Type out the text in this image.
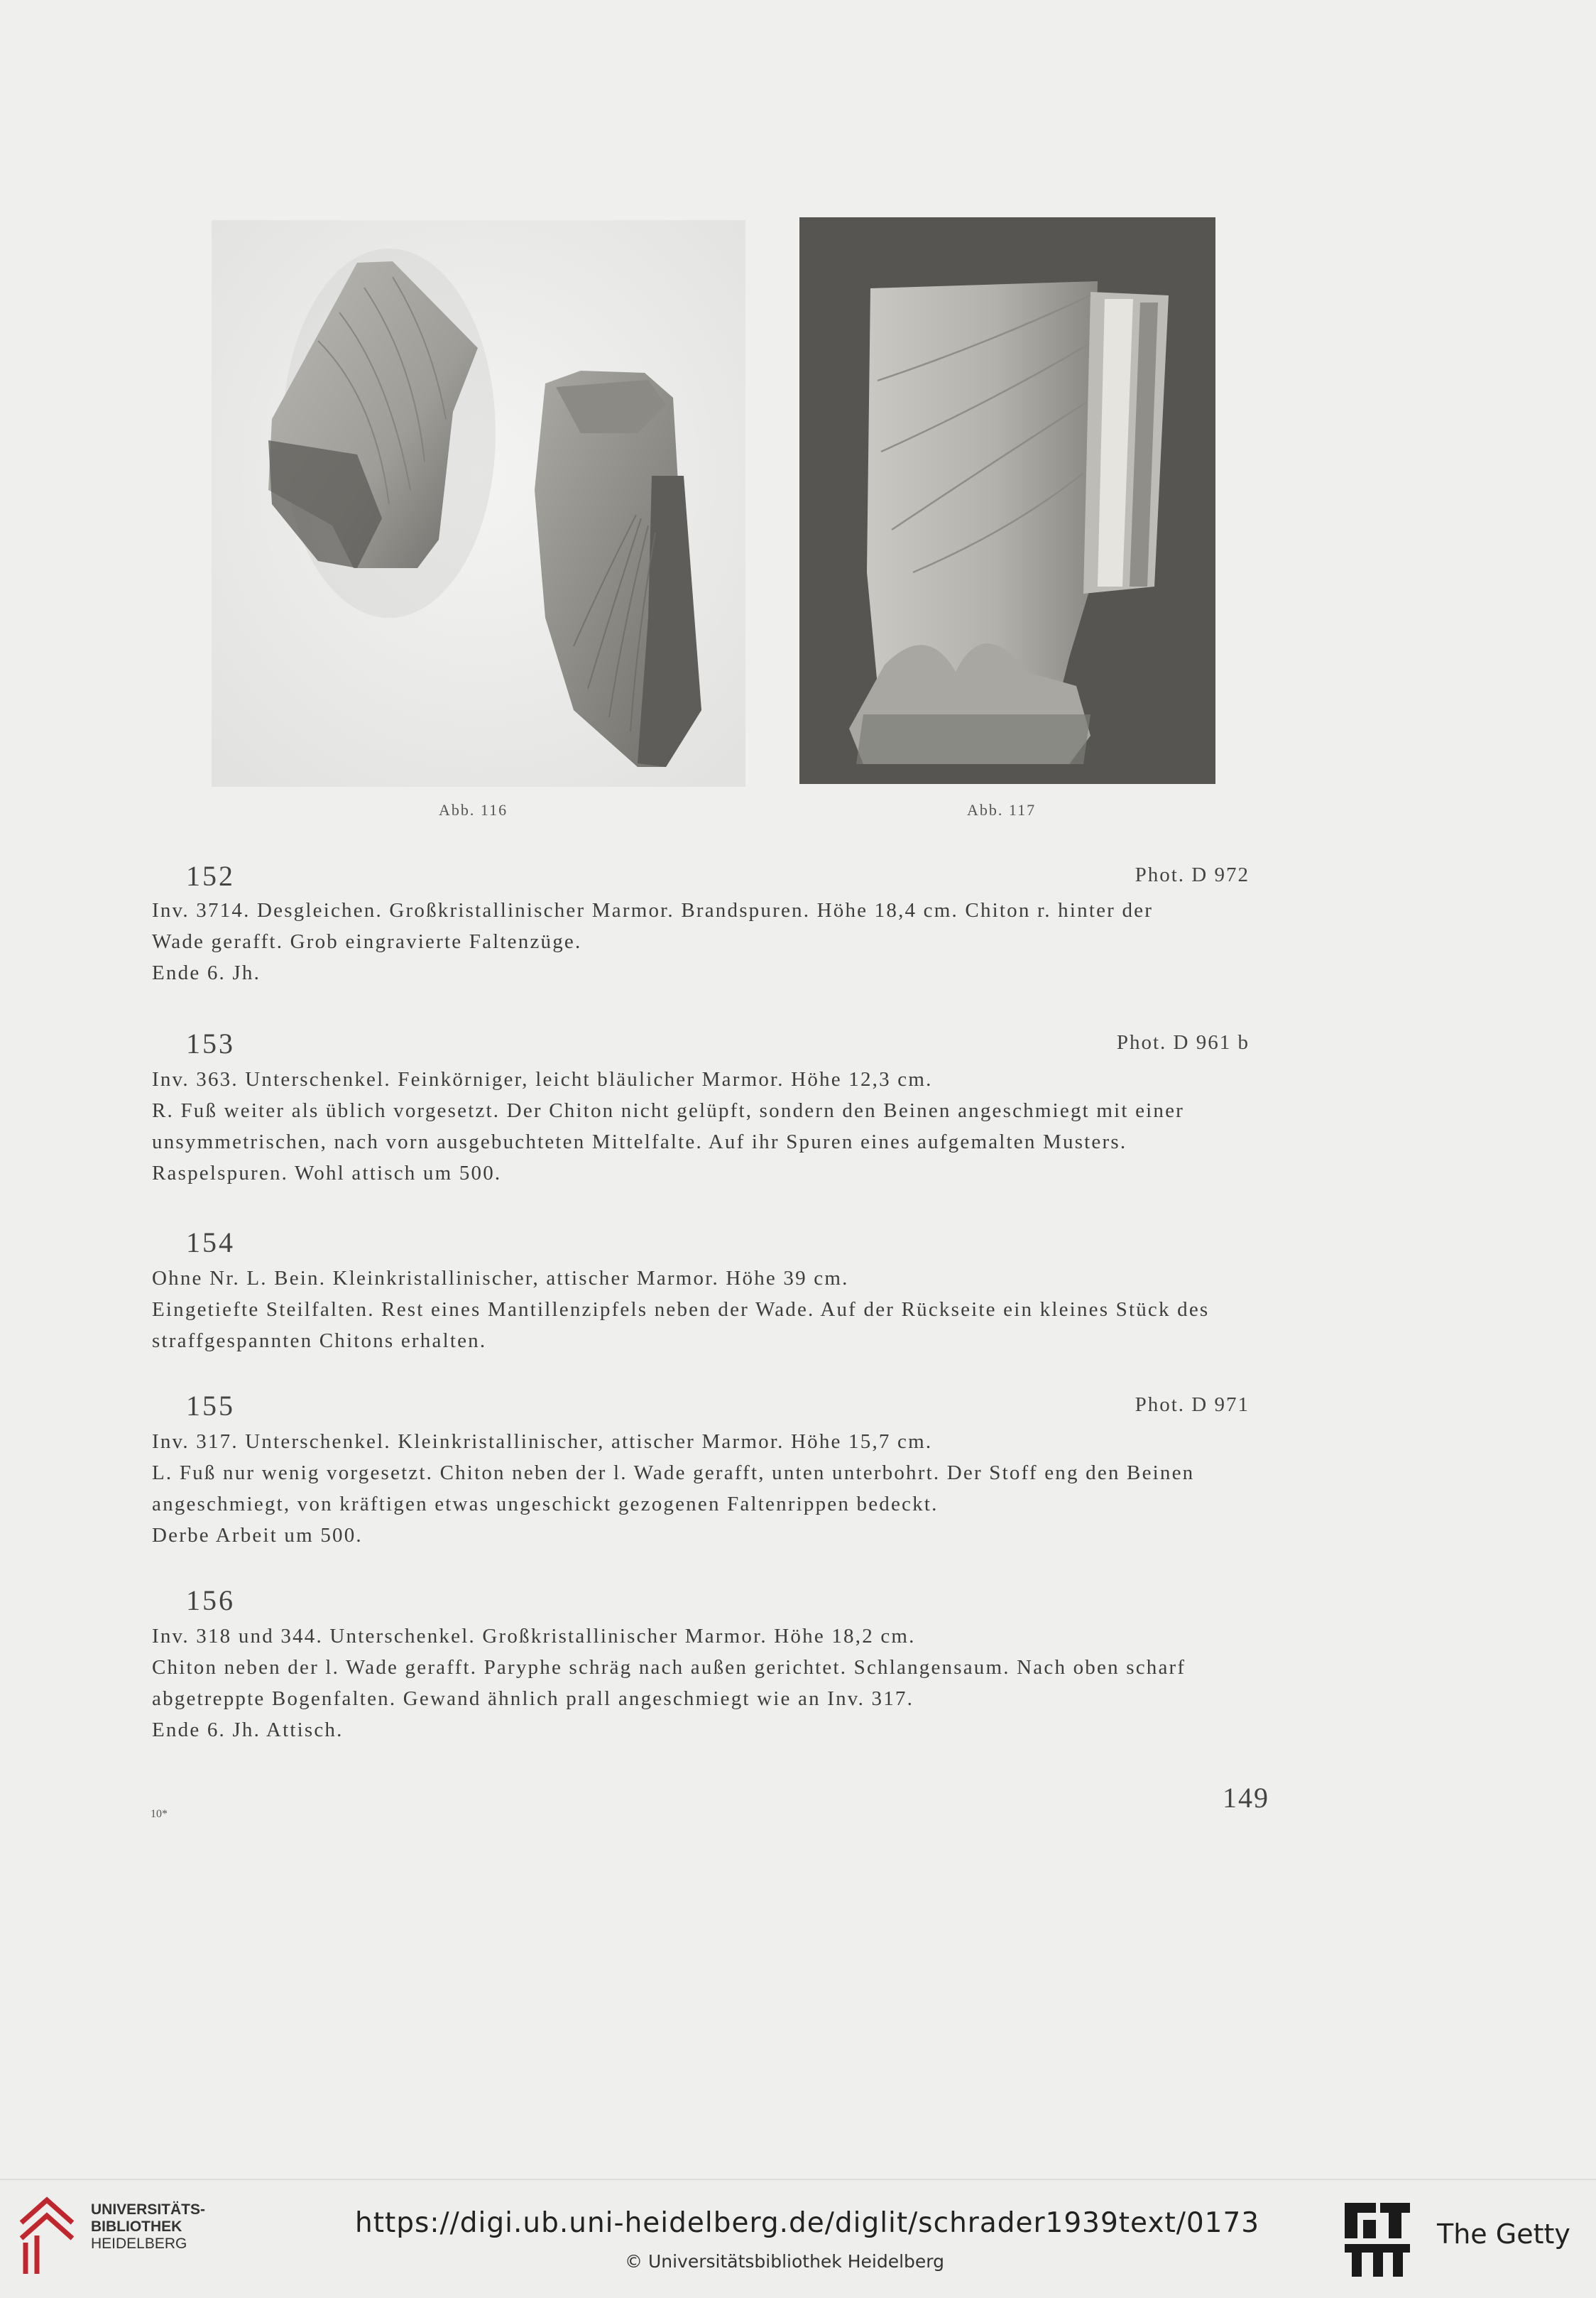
Abb. 116	Abb. 117
152	Phot. D 972
Inv. 3714. Desgleichen. Großkristallinischer Marmor. Brandspuren. Höhe 18,4 cm. Chiton r. hinter der
Wade gerafft. Grob eingravierte Faltenzüge.
Ende 6. Jh.
153	Phot. D 961 b
Inv. 363. Unterschenkel. Feinkörniger, leicht bläulicher Marmor. Höhe 12,3 cm.
R. Fuß weiter als üblich vorgesetzt. Der Chiton nicht gelüpft, sondern den Beinen angeschmiegt mit einer
unsymmetrischen, nach vorn ausgebuchteten Mittelfalte. Auf ihr Spuren eines aufgemalten Musters.
Raspelspuren. Wohl attisch um 500.
154
Ohne Nr. L. Bein. Kleinkristallinischer, attischer Marmor. Höhe 39 cm.
Eingetiefte Steilfalten. Rest eines Mantillenzipfels neben der Wade. Auf der Rückseite ein kleines Stück des
straffgespannten Chitons erhalten.
155	Phot. D 971
Inv. 317. Unterschenkel. Kleinkristallinischer, attischer Marmor. Höhe 15,7 cm.
L. Fuß nur wenig vorgesetzt. Chiton neben der l. Wade gerafft, unten unterbohrt. Der Stoff eng den Beinen
angeschmiegt, von kräftigen etwas ungeschickt gezogenen Faltenrippen bedeckt.
Derbe Arbeit um 500.
156
Inv. 318 und 344. Unterschenkel. Großkristallinischer Marmor. Höhe 18,2 cm.
Chiton neben der l. Wade gerafft. Paryphe schräg nach außen gerichtet. Schlangensaum. Nach oben scharf
abgetreppte Bogenfalten. Gewand ähnlich prall angeschmiegt wie an Inv. 317.
Ende 6. Jh. Attisch.
149
10*
UNIVERSITÄTS-
BIBLIOTHEK
HEIDELBERG
https://digi.ub.uni-heidelberg.de/diglit/schrader1939text/0173
© Universitätsbibliothek Heidelberg
The Getty
